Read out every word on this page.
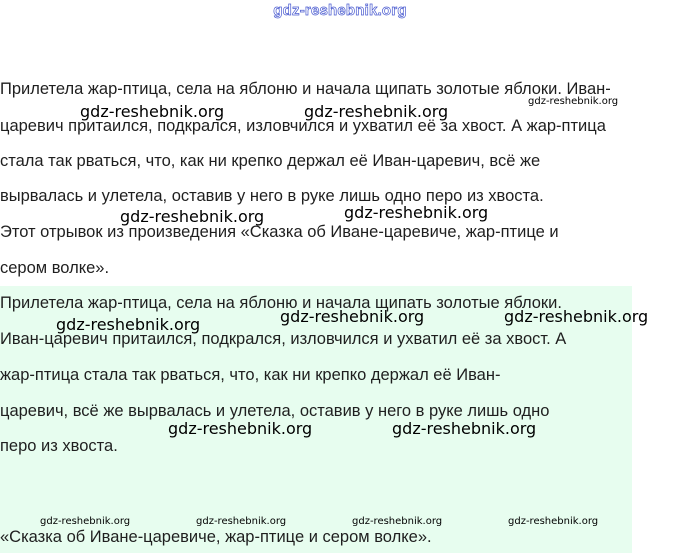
gdz-reshebnik.org
Прилетела жар-птица, села на яблоню и начала щипать золотые яблоки. Иван-
царевич притаился, подкрался, изловчился и ухватил её за хвост. А жар-птица
стала так рваться, что, как ни крепко держал её Иван-царевич, всё же
вырвалась и улетела, оставив у него в руке лишь одно перо из хвоста.
Этот отрывок из произведения «Сказка об Иване-царевиче, жар-птице и
сером волке».
Прилетела жар-птица, села на яблоню и начала щипать золотые яблоки.
Иван-царевич притаился, подкрался, изловчился и ухватил её за хвост. А
жар-птица стала так рваться, что, как ни крепко держал её Иван-
царевич, всё же вырвалась и улетела, оставив у него в руке лишь одно
перо из хвоста.
«Сказка об Иване-царевиче, жар-птице и сером волке».
gdz-reshebnik.org	gdz-reshebnik.org
gdz-reshebnik.org
gdz-reshebnik.org	gdz-reshebnik.org
gdz-reshebnik.org	gdz-reshebnik.org	gdz-reshebnik.org
gdz-reshebnik.org	gdz-reshebnik.org
gdz-reshebnik.org	gdz-reshebnik.org	gdz-reshebnik.org	gdz-reshebnik.org
